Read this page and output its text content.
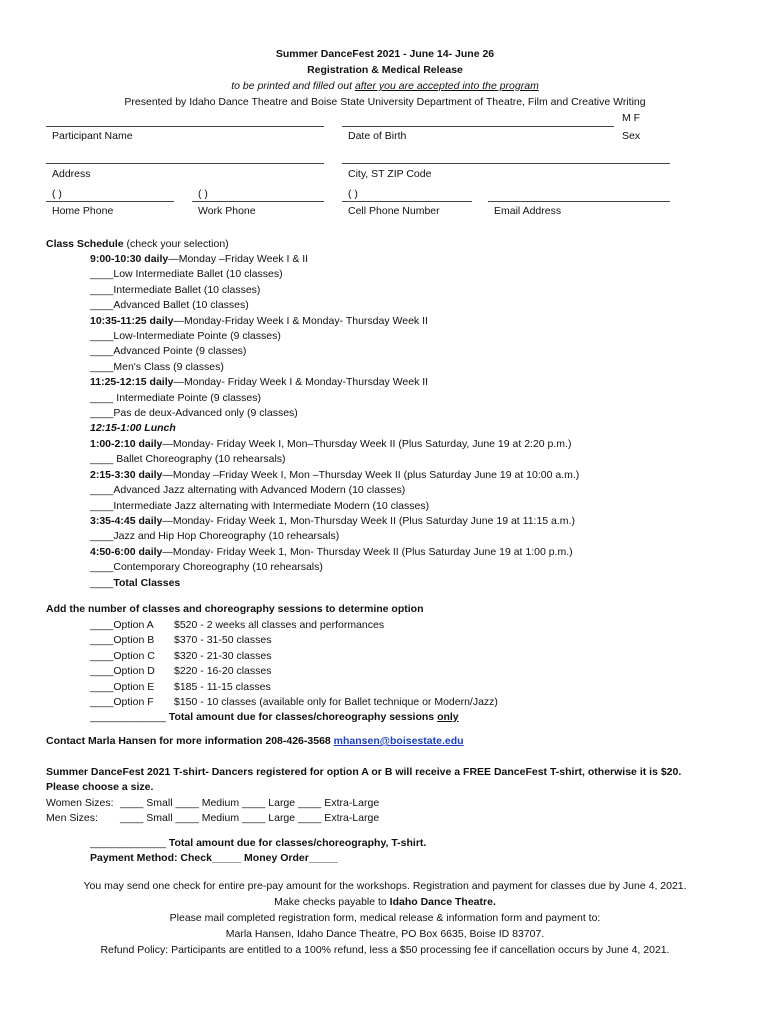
Summer DanceFest 2021 - June 14- June 26
Registration & Medical Release
to be printed and filled out after you are accepted into the program
Presented by Idaho Dance Theatre and Boise State University Department of Theatre, Film and Creative Writing
M F
Participant Name	Date of Birth	Sex
Address	City, ST ZIP Code
( )	( )	( )
Home Phone	Work Phone	Cell Phone Number	Email Address
Class Schedule (check your selection)
9:00-10:30 daily—Monday –Friday Week I & II
____Low Intermediate Ballet (10 classes)
____Intermediate Ballet (10 classes)
____Advanced Ballet (10 classes)
10:35-11:25 daily—Monday-Friday Week I & Monday- Thursday Week II
____Low-Intermediate Pointe (9 classes)
____Advanced Pointe (9 classes)
____Men's Class (9 classes)
11:25-12:15 daily—Monday- Friday Week I & Monday-Thursday Week II
____ Intermediate Pointe (9 classes)
____Pas de deux-Advanced only (9 classes)
12:15-1:00 Lunch
1:00-2:10 daily—Monday- Friday Week I, Mon–Thursday Week II (Plus Saturday, June 19 at 2:20 p.m.)
____ Ballet Choreography (10 rehearsals)
2:15-3:30 daily—Monday –Friday Week I, Mon –Thursday Week II (plus Saturday June 19 at 10:00 a.m.)
____Advanced Jazz alternating with Advanced Modern (10 classes)
____Intermediate Jazz alternating with Intermediate Modern (10 classes)
3:35-4:45 daily—Monday- Friday Week 1, Mon-Thursday Week II (Plus Saturday June 19 at 11:15 a.m.)
____Jazz and Hip Hop Choreography (10 rehearsals)
4:50-6:00 daily—Monday- Friday Week 1, Mon- Thursday Week II (Plus Saturday June 19 at 1:00 p.m.)
____Contemporary Choreography (10 rehearsals)
____Total Classes
Add the number of classes and choreography sessions to determine option
____Option A $520 - 2 weeks all classes and performances
____Option B $370 - 31-50 classes
____Option C $320 - 21-30 classes
____Option D $220 - 16-20 classes
____Option E $185 - 11-15 classes
____Option F $150 - 10 classes (available only for Ballet technique or Modern/Jazz)
_____________ Total amount due for classes/choreography sessions only
Contact Marla Hansen for more information 208-426-3568 mhansen@boisestate.edu
Summer DanceFest 2021 T-shirt- Dancers registered for option A or B will receive a FREE DanceFest T-shirt, otherwise it is $20.
Please choose a size.
Women Sizes: ____ Small ____ Medium ____ Large ____ Extra-Large
Men Sizes: ____ Small ____ Medium ____ Large ____ Extra-Large
_____________ Total amount due for classes/choreography, T-shirt.
Payment Method: Check_____ Money Order_____
You may send one check for entire pre-pay amount for the workshops. Registration and payment for classes due by June 4, 2021.
Make checks payable to Idaho Dance Theatre.
Please mail completed registration form, medical release & information form and payment to:
Marla Hansen, Idaho Dance Theatre, PO Box 6635, Boise ID 83707.
Refund Policy: Participants are entitled to a 100% refund, less a $50 processing fee if cancellation occurs by June 4, 2021.
